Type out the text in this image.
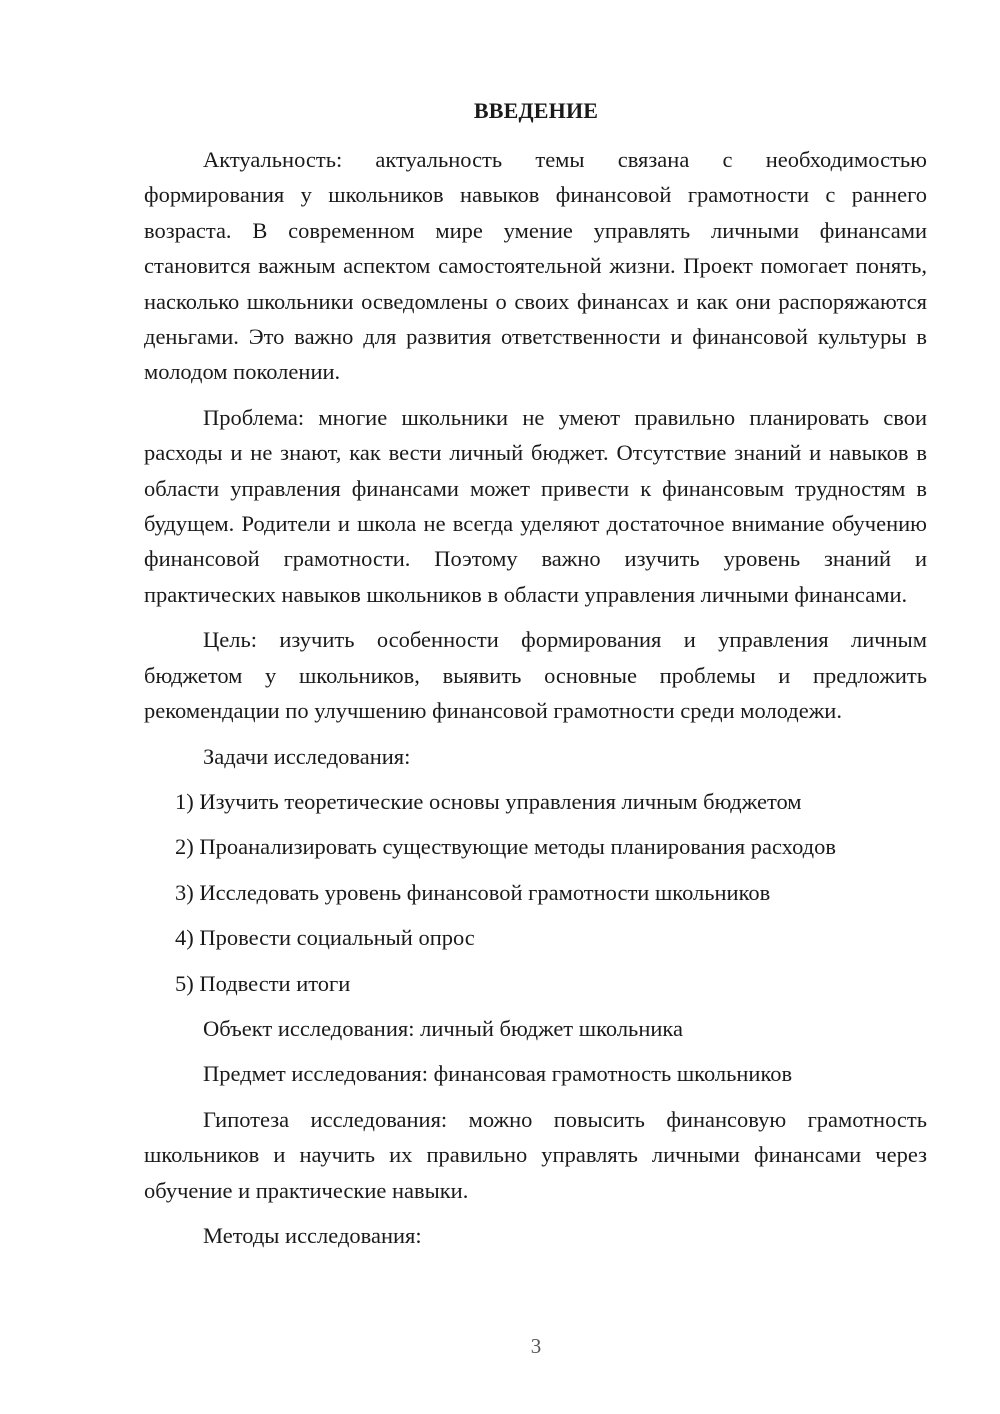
ВВЕДЕНИЕ

Актуальность: актуальность темы связана с необходимостью формирования у школьников навыков финансовой грамотности с раннего возраста. В современном мире умение управлять личными финансами становится важным аспектом самостоятельной жизни. Проект помогает понять, насколько школьники осведомлены о своих финансах и как они распоряжаются деньгами. Это важно для развития ответственности и финансовой культуры в молодом поколении.

Проблема: многие школьники не умеют правильно планировать свои расходы и не знают, как вести личный бюджет. Отсутствие знаний и навыков в области управления финансами может привести к финансовым трудностям в будущем. Родители и школа не всегда уделяют достаточное внимание обучению финансовой грамотности. Поэтому важно изучить уровень знаний и практических навыков школьников в области управления личными финансами.

Цель: изучить особенности формирования и управления личным бюджетом у школьников, выявить основные проблемы и предложить рекомендации по улучшению финансовой грамотности среди молодежи.

Задачи исследования:

1) Изучить теоретические основы управления личным бюджетом
2) Проанализировать существующие методы планирования расходов
3) Исследовать уровень финансовой грамотности школьников
4) Провести социальный опрос
5) Подвести итоги

Объект исследования: личный бюджет школьника

Предмет исследования: финансовая грамотность школьников

Гипотеза исследования: можно повысить финансовую грамотность школьников и научить их правильно управлять личными финансами через обучение и практические навыки.

Методы исследования:

3
